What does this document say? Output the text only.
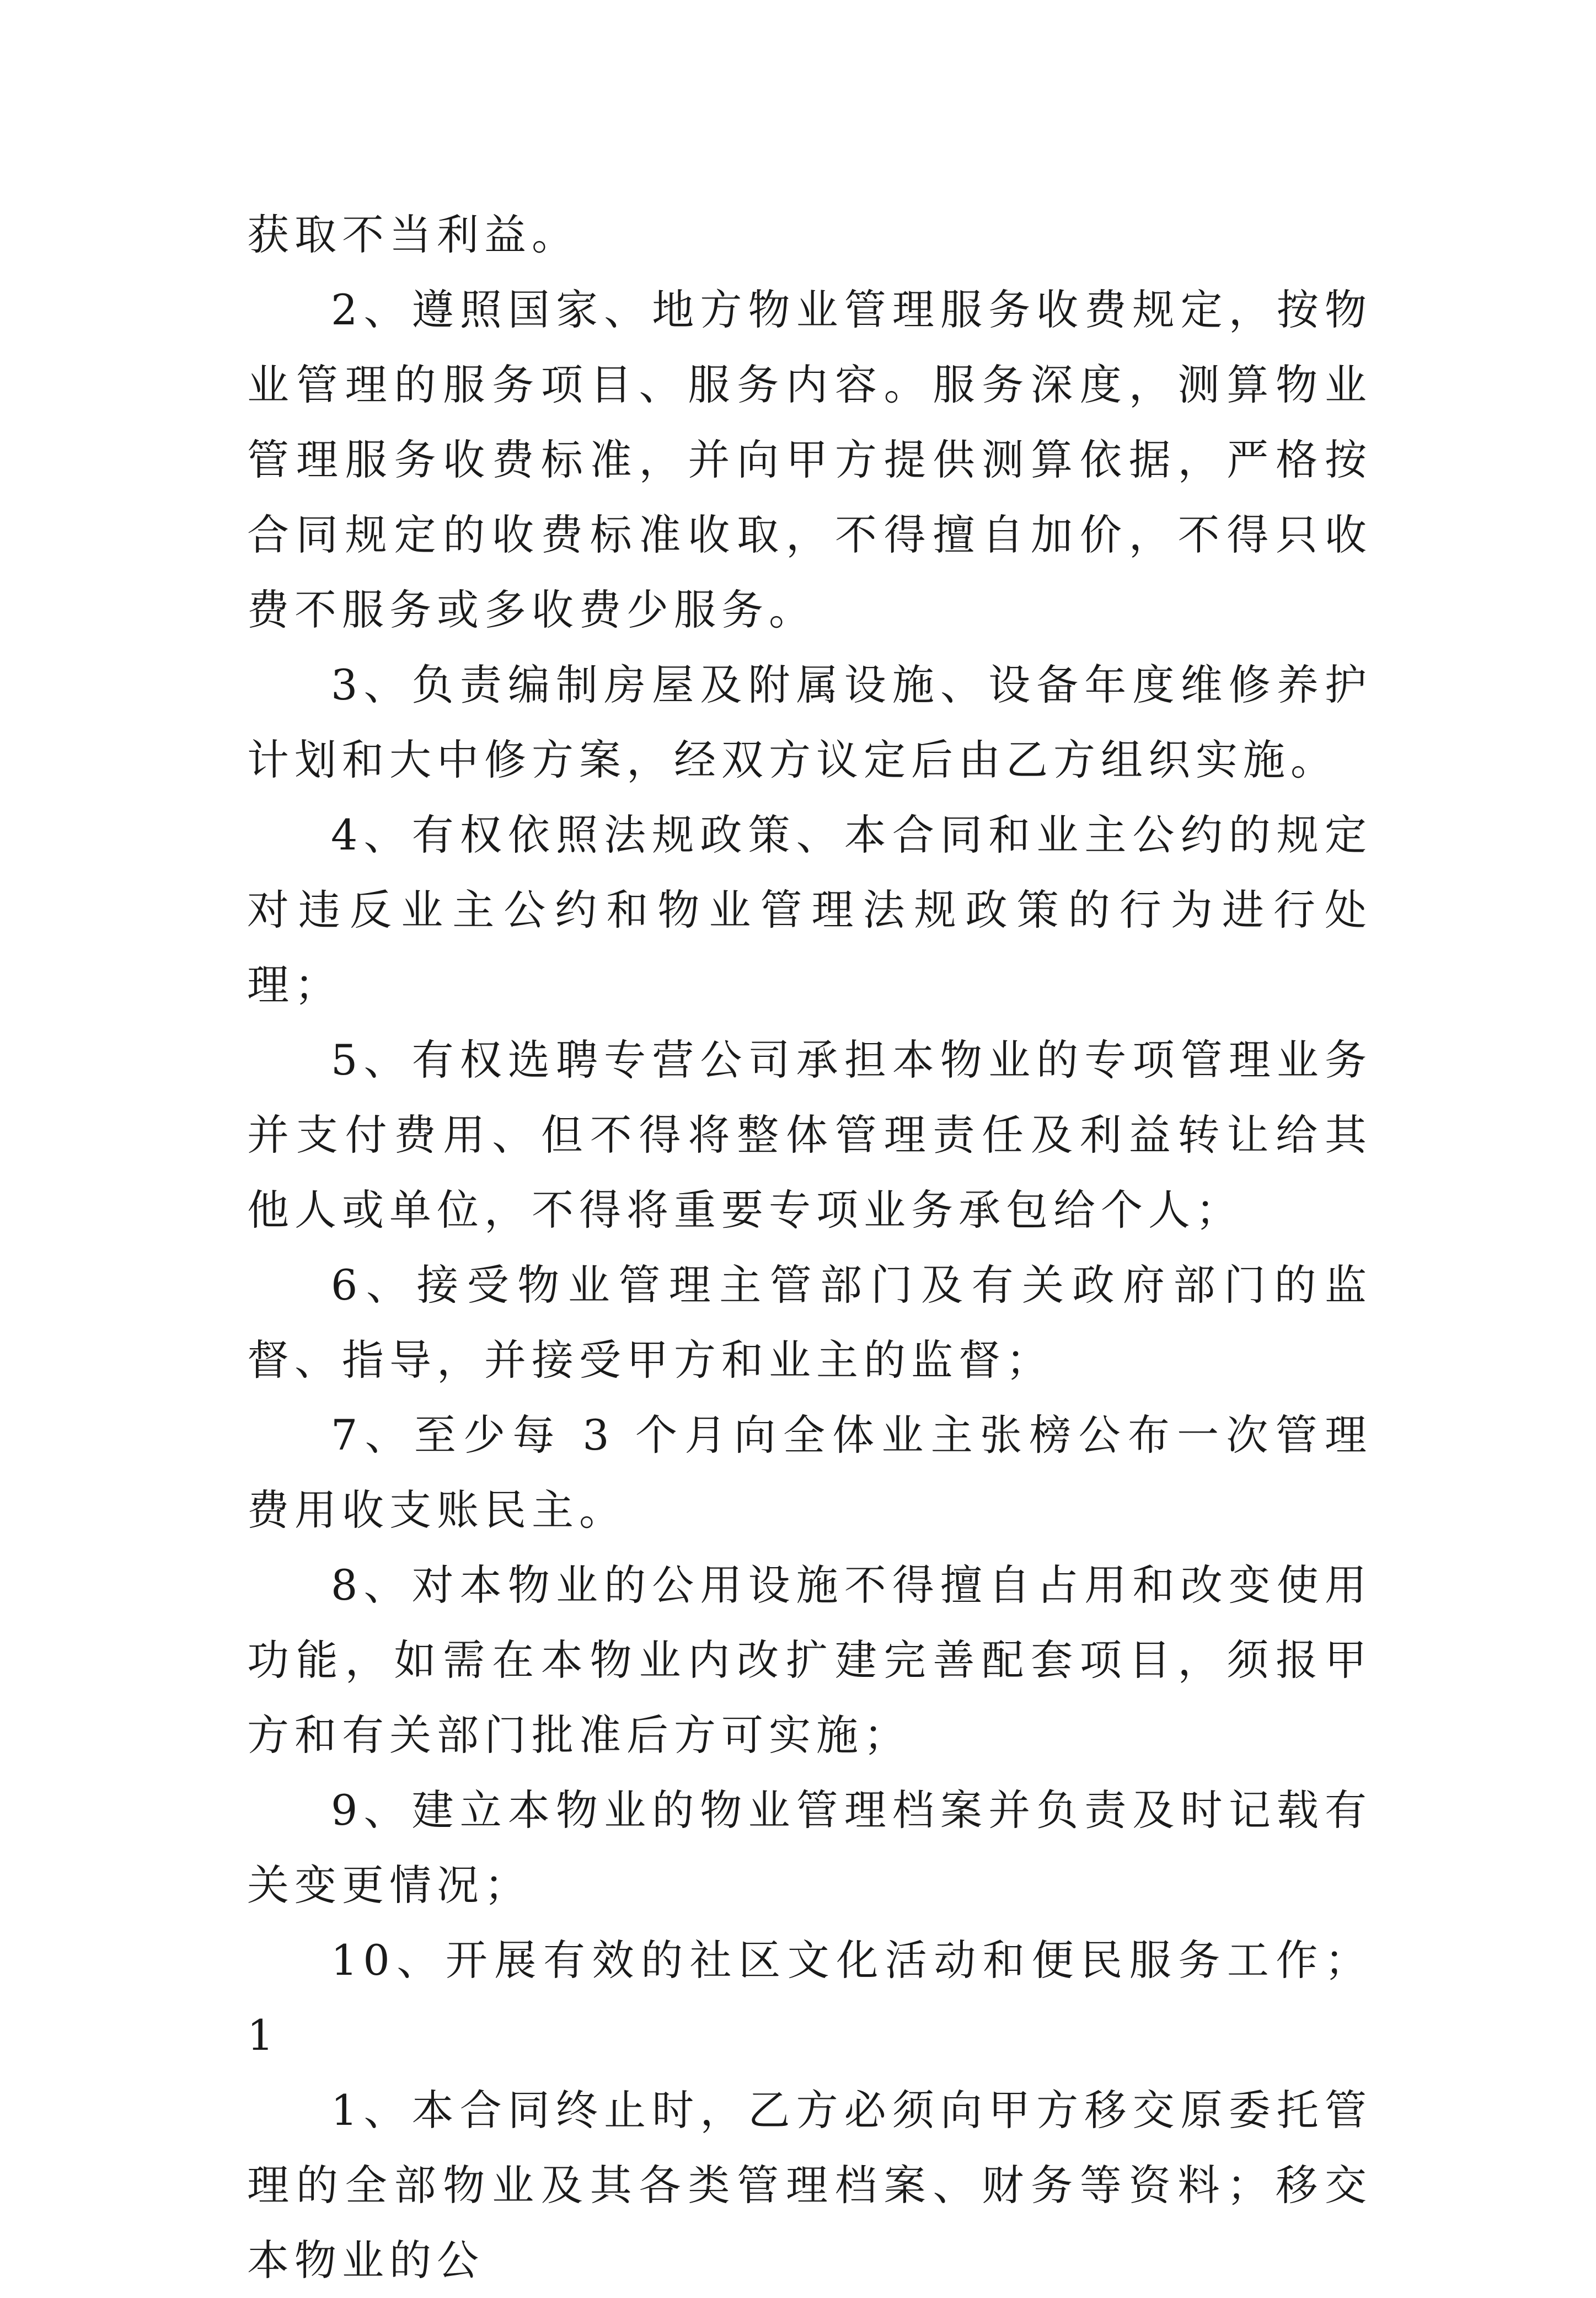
获取不当利益。

2、遵照国家、地方物业管理服务收费规定，按物业管理的服务项目、服务内容。服务深度，测算物业管理服务收费标准，并向甲方提供测算依据，严格按合同规定的收费标准收取，不得擅自加价，不得只收费不服务或多收费少服务。

3、负责编制房屋及附属设施、设备年度维修养护计划和大中修方案，经双方议定后由乙方组织实施。

4、有权依照法规政策、本合同和业主公约的规定对违反业主公约和物业管理法规政策的行为进行处理；

5、有权选聘专营公司承担本物业的专项管理业务并支付费用、但不得将整体管理责任及利益转让给其他人或单位，不得将重要专项业务承包给个人；

6、接受物业管理主管部门及有关政府部门的监督、指导，并接受甲方和业主的监督；

7、至少每 3 个月向全体业主张榜公布一次管理费用收支账民主。

8、对本物业的公用设施不得擅自占用和改变使用功能，如需在本物业内改扩建完善配套项目，须报甲方和有关部门批准后方可实施；

9、建立本物业的物业管理档案并负责及时记载有关变更情况；

10、开展有效的社区文化活动和便民服务工作；1

1、本合同终止时，乙方必须向甲方移交原委托管理的全部物业及其各类管理档案、财务等资料；移交本物业的公
